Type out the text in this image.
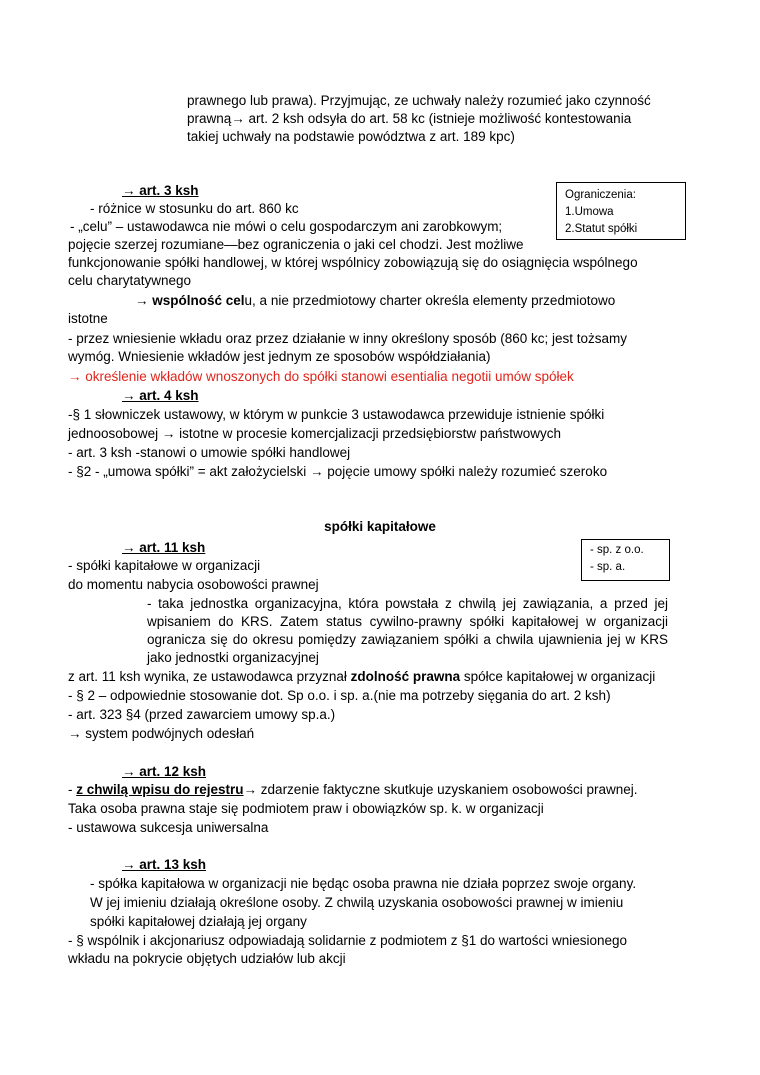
prawnego lub prawa). Przyjmując, ze uchwały należy rozumieć jako czynność
prawną→ art. 2 ksh odsyła do art. 58 kc (istnieje możliwość kontestowania
takiej uchwały na podstawie powództwa z art. 189 kpc)
→ art. 3 ksh
- różnice w stosunku do art. 860 kc
- „celu” – ustawodawca nie mówi o celu gospodarczym ani zarobkowym;
pojęcie szerzej rozumiane—bez ograniczenia o jaki cel chodzi. Jest możliwe
funkcjonowanie spółki handlowej, w której wspólnicy zobowiązują się do osiągnięcia wspólnego
celu charytatywnego
→ wspólność celu, a nie przedmiotowy charter określa elementy przedmiotowo
istotne
- przez wniesienie wkładu oraz przez działanie w inny określony sposób (860 kc; jest tożsamy
wymóg. Wniesienie wkładów jest jednym ze sposobów współdziałania)
→ określenie wkładów wnoszonych do spółki stanowi esentialia negotii umów spółek
Ograniczenia:
1.Umowa
2.Statut spółki
→ art. 4 ksh
-§ 1 słowniczek ustawowy, w którym w punkcie 3 ustawodawca przewiduje istnienie spółki
jednoosobowej → istotne w procesie komercjalizacji przedsiębiorstw państwowych
- art. 3 ksh -stanowi o umowie spółki handlowej
- §2 - „umowa spółki” = akt założycielski → pojęcie umowy spółki należy rozumieć szeroko
spółki kapitałowe
→ art. 11 ksh
- spółki kapitałowe w organizacji
do momentu nabycia osobowości prawnej
- taka jednostka organizacyjna, która powstała z chwilą jej zawiązania, a przed jej
wpisaniem do KRS. Zatem status cywilno-prawny spółki kapitałowej w organizacji
ogranicza się do okresu pomiędzy zawiązaniem spółki a chwila ujawnienia jej w KRS
jako jednostki organizacyjnej
z art. 11 ksh wynika, ze ustawodawca przyznał zdolność prawna spółce kapitałowej w organizacji
- § 2 – odpowiednie stosowanie dot. Sp o.o. i sp. a.(nie ma potrzeby sięgania do art. 2 ksh)
- art. 323 §4 (przed zawarciem umowy sp.a.)
→ system podwójnych odesłań
- sp. z o.o.
- sp. a.
→ art. 12 ksh
- z chwilą wpisu do rejestru→ zdarzenie faktyczne skutkuje uzyskaniem osobowości prawnej.
Taka osoba prawna staje się podmiotem praw i obowiązków sp. k. w organizacji
- ustawowa sukcesja uniwersalna
→ art. 13 ksh
- spółka kapitałowa w organizacji nie będąc osoba prawna nie działa poprzez swoje organy.
W jej imieniu działają określone osoby. Z chwilą uzyskania osobowości prawnej w imieniu
spółki kapitałowej działają jej organy
- § wspólnik i akcjonariusz odpowiadają solidarnie z podmiotem z §1 do wartości wniesionego
wkładu na pokrycie objętych udziałów lub akcji
